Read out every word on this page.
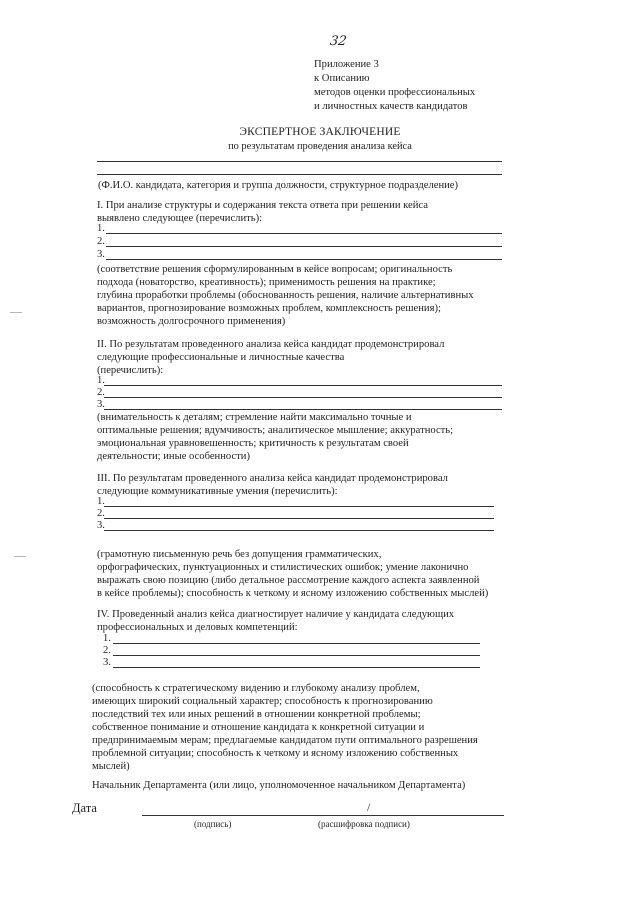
32
Приложение 3
к Описанию
методов оценки профессиональных
и личностных качеств кандидатов
ЭКСПЕРТНОЕ ЗАКЛЮЧЕНИЕ
по результатам проведения анализа кейса
(Ф.И.О. кандидата, категория и группа должности, структурное подразделение)
I. При анализе структуры и содержания текста ответа при решении кейса
выявлено следующее (перечислить):
1.
2.
3.
(соответствие решения сформулированным в кейсе вопросам; оригинальность
подхода (новаторство, креативность); применимость решения на практике;
глубина проработки проблемы (обоснованность решения, наличие альтернативных
вариантов, прогнозирование возможных проблем, комплексность решения);
возможность долгосрочного применения)
II. По результатам проведенного анализа кейса кандидат продемонстрировал
следующие профессиональные и личностные качества
(перечислить):
1.
2.
3.
(внимательность к деталям; стремление найти максимально точные и
оптимальные решения; вдумчивость; аналитическое мышление; аккуратность;
эмоциональная уравновешенность; критичность к результатам своей
деятельности; иные особенности)
III. По результатам проведенного анализа кейса кандидат продемонстрировал
следующие коммуникативные умения (перечислить):
1.
2.
3.
(грамотную письменную речь без допущения грамматических,
орфографических, пунктуационных и стилистических ошибок; умение лаконично
выражать свою позицию (либо детальное рассмотрение каждого аспекта заявленной
в кейсе проблемы); способность к четкому и ясному изложению собственных мыслей)
IV. Проведенный анализ кейса диагностирует наличие у кандидата следующих
профессиональных и деловых компетенций:
1.
2.
3.
(способность к стратегическому видению и глубокому анализу проблем,
имеющих широкий социальный характер; способность к прогнозированию
последствий тех или иных решений в отношении конкретной проблемы;
собственное понимание и отношение кандидата к конкретной ситуации и
предпринимаемым мерам; предлагаемые кандидатом пути оптимального разрешения
проблемной ситуации; способность к четкому и ясному изложению собственных
мыслей)
Начальник Департамента (или лицо, уполномоченное начальником Департамента)
Дата	/
(подпись)	(расшифровка подписи)
